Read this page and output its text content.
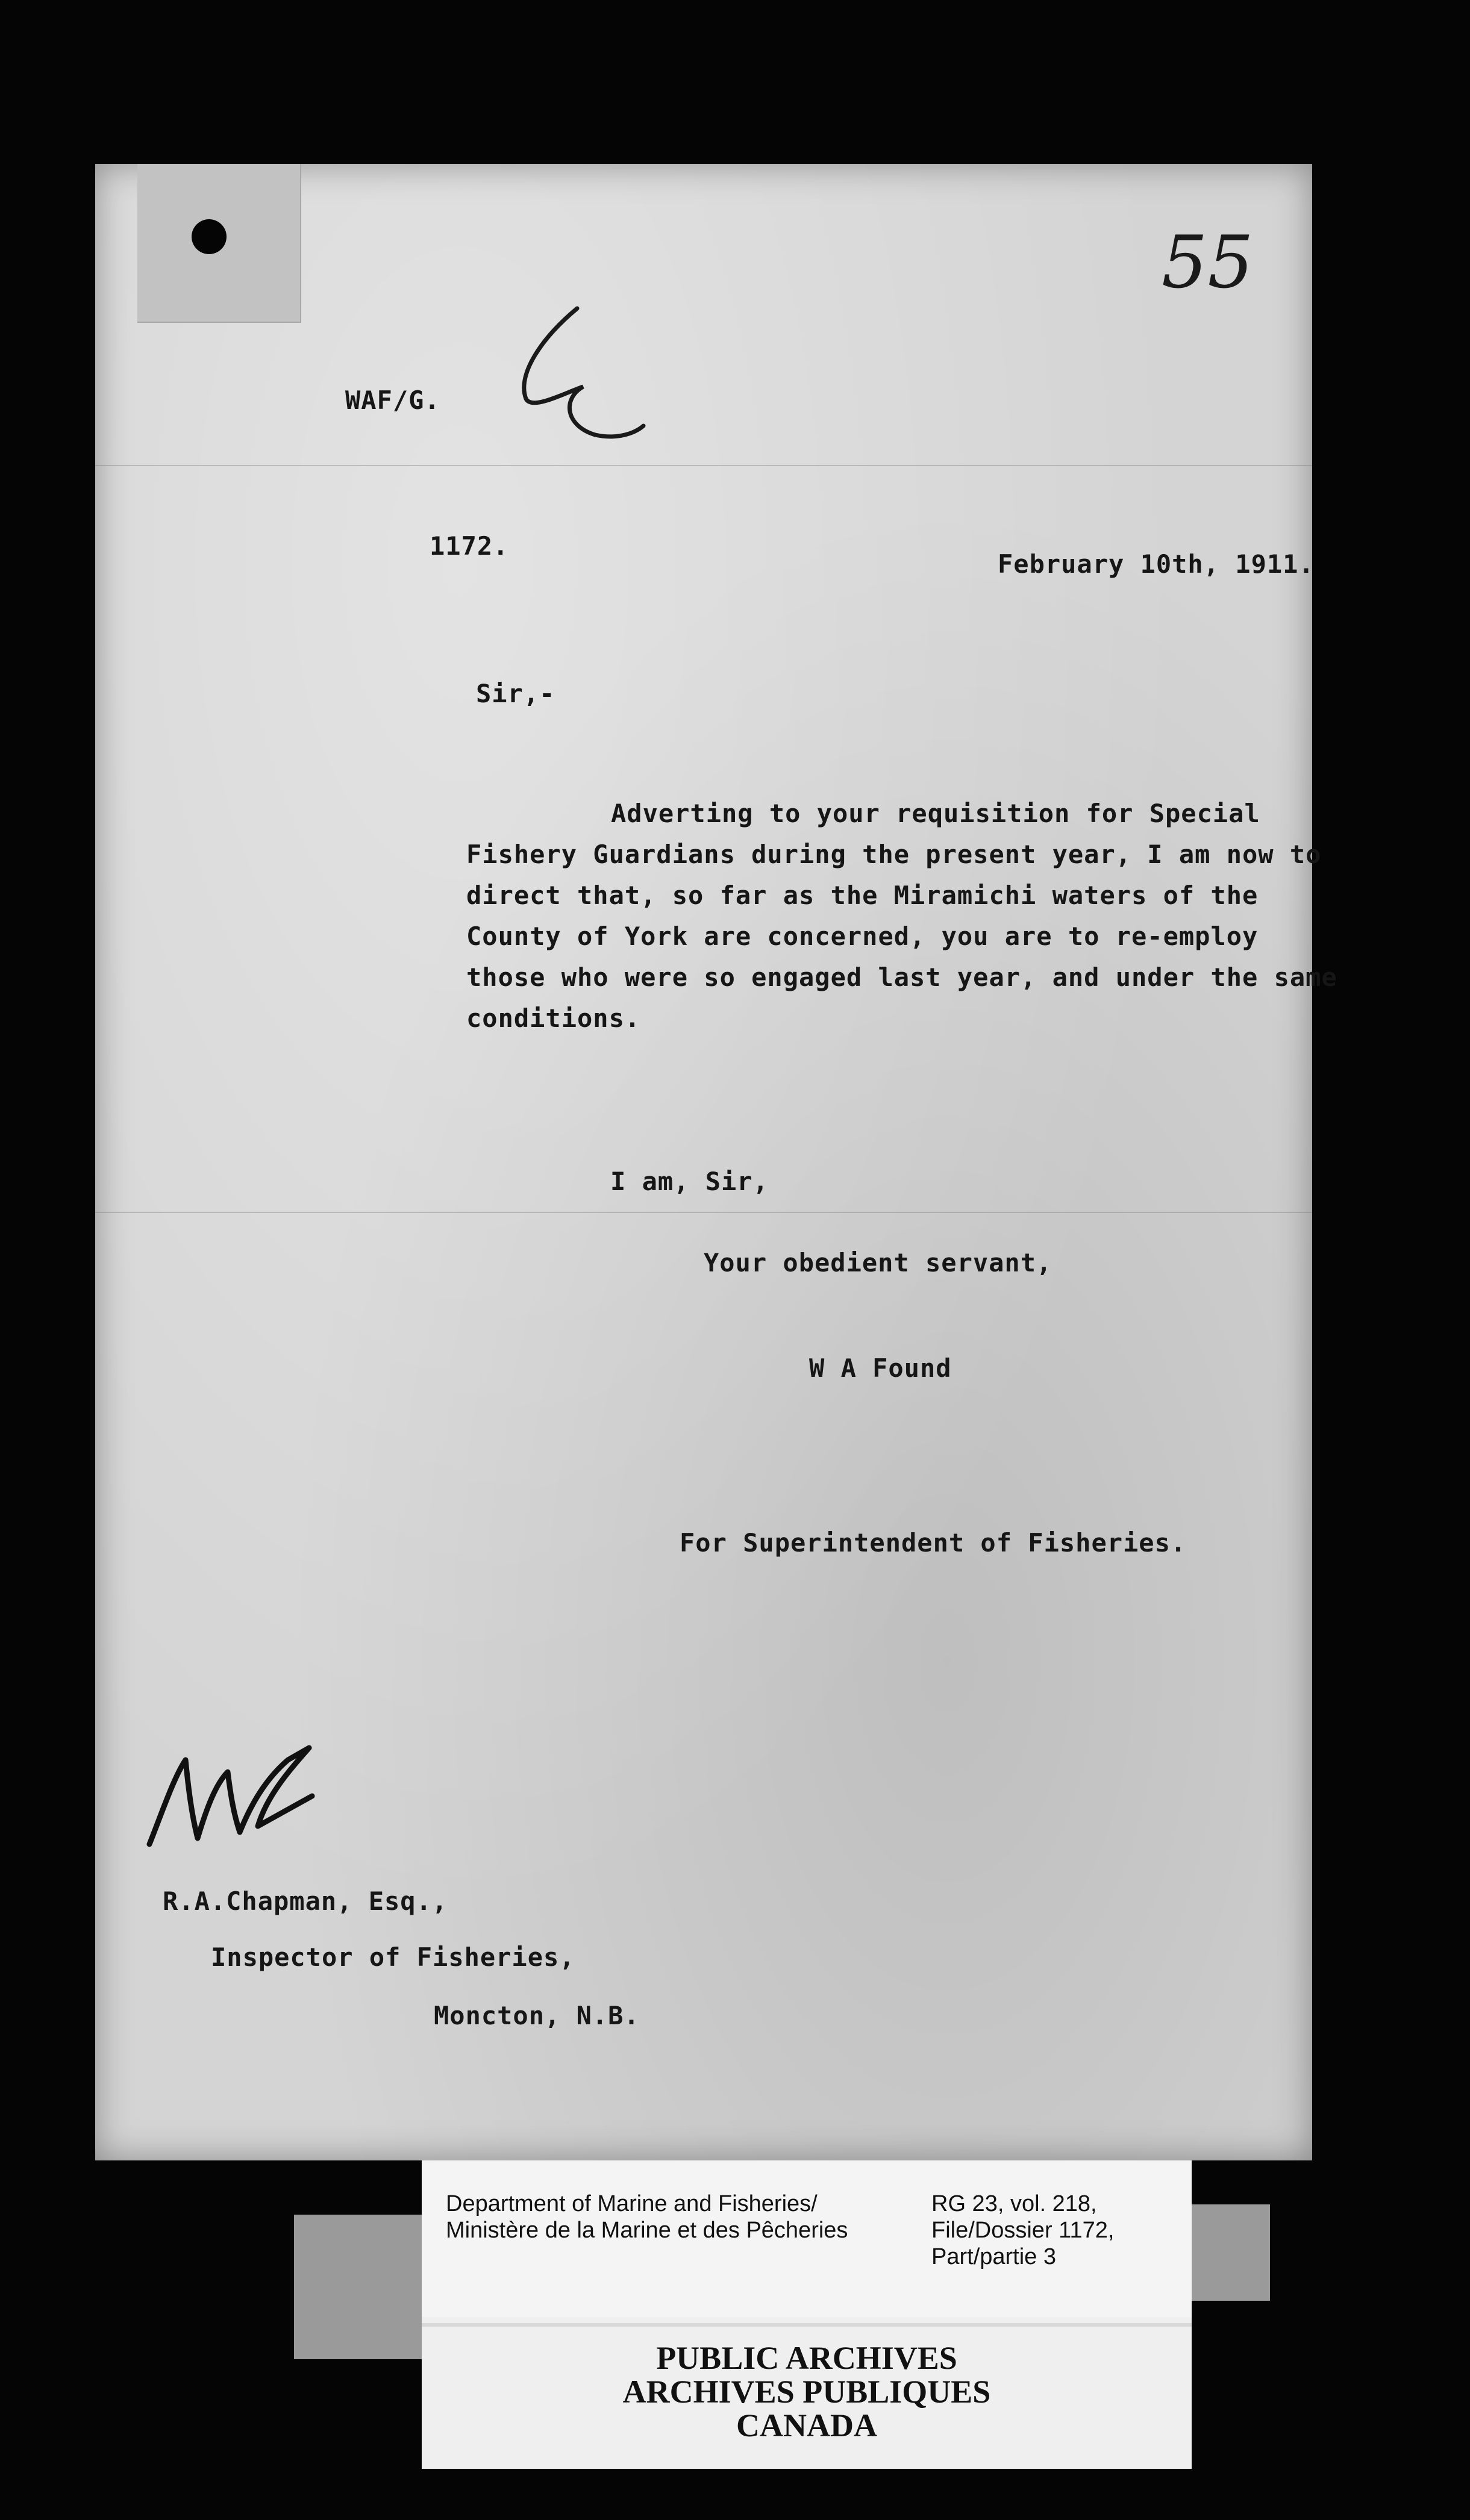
55
WAF/G.
1172.
February 10th, 1911.
Sir,-

Adverting to your requisition for Special Fishery Guardians during the present year, I am now to direct that, so far as the Miramichi waters of the County of York are concerned, you are to re-employ those who were so engaged last year, and under the same conditions.

I am, Sir,
Your obedient servant,
W A Found
For Superintendent of Fisheries.
R.A.Chapman, Esq.,
Inspector of Fisheries,
Moncton, N.B.
Department of Marine and Fisheries/
Ministère de la Marine et des Pêcheries
RG 23, vol. 218,
File/Dossier 1172,
Part/partie 3
PUBLIC ARCHIVES
ARCHIVES PUBLIQUES
CANADA
